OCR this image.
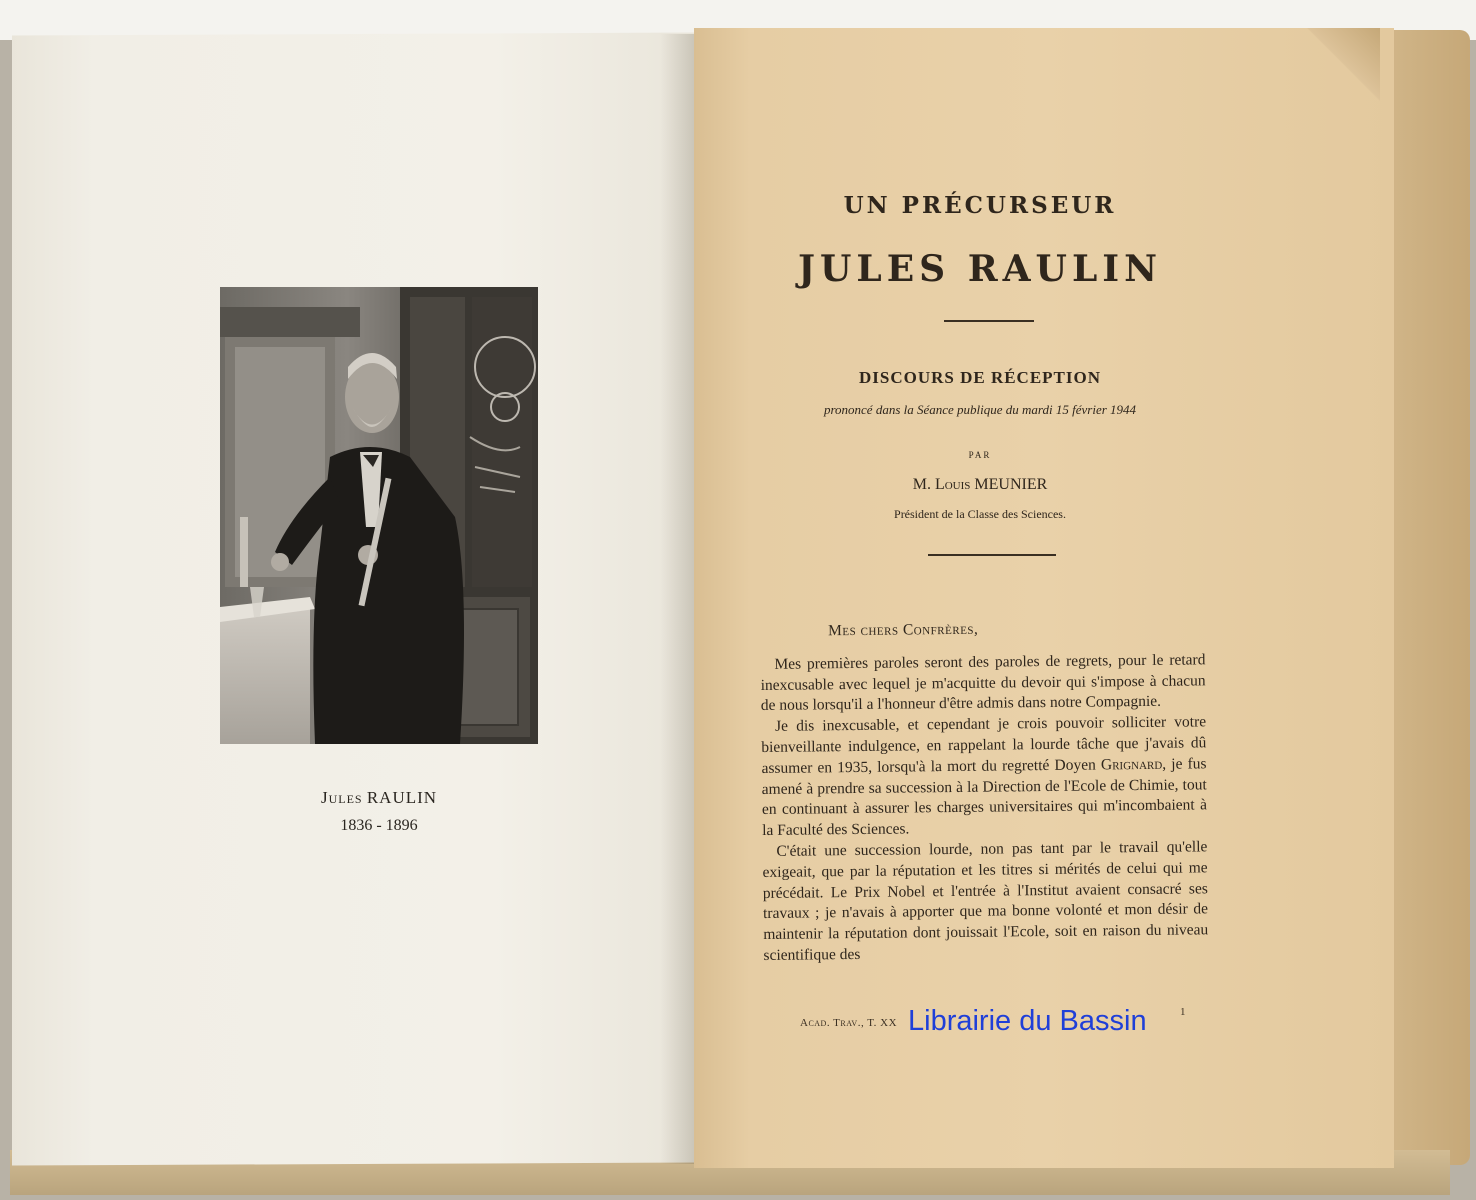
Jules RAULIN
1836 - 1896
UN PRÉCURSEUR
JULES RAULIN
DISCOURS DE RÉCEPTION
prononcé dans la Séance publique du mardi 15 février 1944
PAR
M. Louis MEUNIER
Président de la Classe des Sciences.

Mes chers Confrères,

Mes premières paroles seront des paroles de regrets, pour le retard inexcusable avec lequel je m'acquitte du devoir qui s'impose à chacun de nous lorsqu'il a l'honneur d'être admis dans notre Compagnie.

Je dis inexcusable, et cependant je crois pouvoir solliciter votre bienveillante indulgence, en rappelant la lourde tâche que j'avais dû assumer en 1935, lorsqu'à la mort du regretté Doyen Grignard, je fus amené à prendre sa succession à la Direction de l'Ecole de Chimie, tout en continuant à assurer les charges universitaires qui m'incombaient à la Faculté des Sciences.

C'était une succession lourde, non pas tant par le travail qu'elle exigeait, que par la réputation et les titres si mérités de celui qui me précédait. Le Prix Nobel et l'entrée à l'Institut avaient consacré ses travaux ; je n'avais à apporter que ma bonne volonté et mon désir de maintenir la réputation dont jouissait l'Ecole, soit en raison du niveau scientifique des

Acad. Trav., T. XX
1
Librairie du Bassin
